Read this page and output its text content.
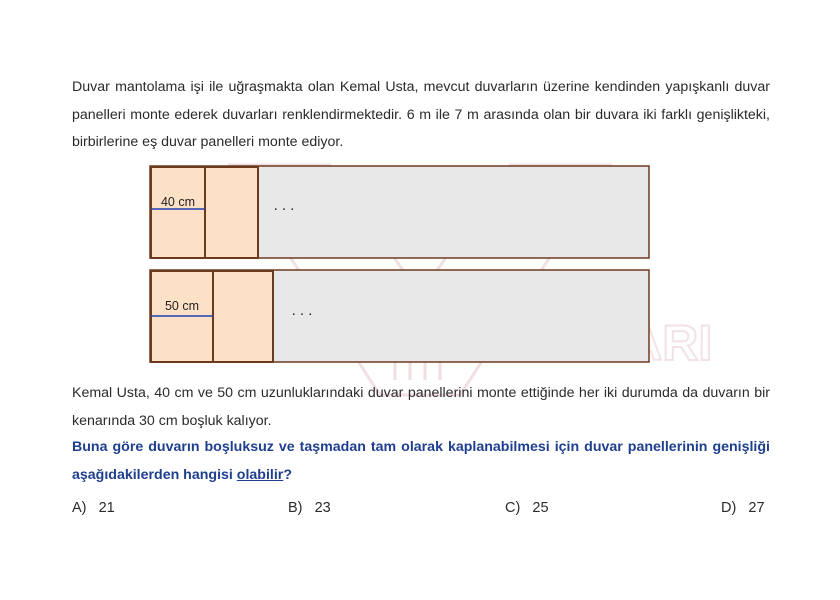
Duvar mantolama işi ile uğraşmakta olan Kemal Usta, mevcut duvarların üzerine kendinden yapışkanlı duvar panelleri monte ederek duvarları renklendirmektedir. 6 m ile 7 m arasında olan bir duvara iki farklı genişlikteki, birbirlerine eş duvar panelleri monte ediyor.

40 cm	. . .
50 cm	. . .

Kemal Usta, 40 cm ve 50 cm uzunluklarındaki duvar panellerini monte ettiğinde her iki durumda da duvarın bir kenarında 30 cm boşluk kalıyor.

Buna göre duvarın boşluksuz ve taşmadan tam olarak kaplanabilmesi için duvar panellerinin genişliği aşağıdakilerden hangisi olabilir?

A) 21	B) 23	C) 25	D) 27
